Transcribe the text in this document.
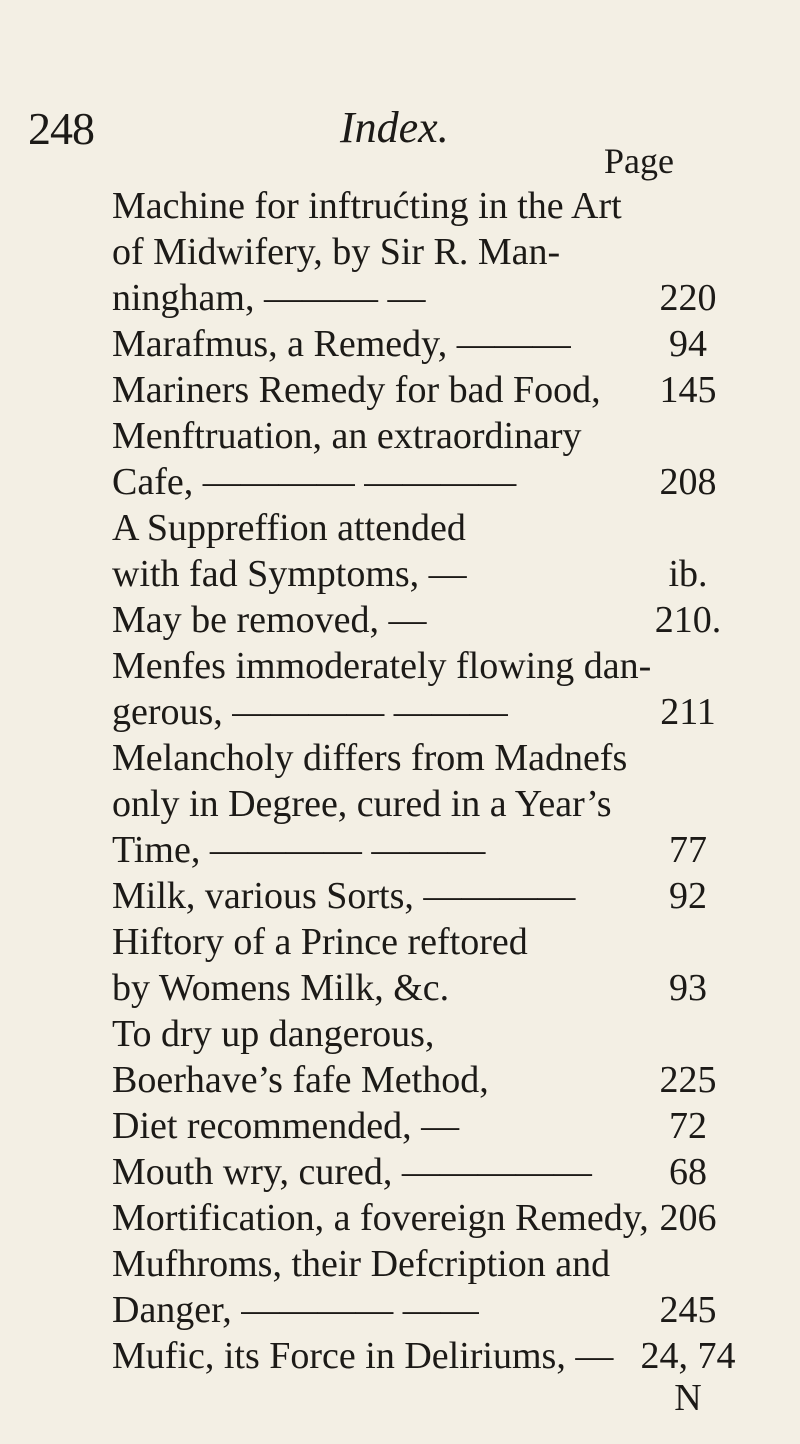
248	Index.
Page
Machine for inftrućting in the Art
of Midwifery, by Sir R. Man-
ningham, ——— —	220
Marafmus, a Remedy, ———	94
Mariners Remedy for bad Food,	145
Menftruation, an extraordinary
Cafe, ———— ————	208
A Suppreffion attended
with fad Symptoms, —	ib.
May be removed, —	210.
Menfes immoderately flowing dan-
gerous, ———— ———	211
Melancholy differs from Madnefs
only in Degree, cured in a Year’s
Time, ———— ———	77
Milk, various Sorts, ————	92
Hiftory of a Prince reftored
by Womens Milk, &c.	93
To dry up dangerous,
Boerhave’s fafe Method,	225
Diet recommended, —	72
Mouth wry, cured, —————	68
Mortification, a fovereign Remedy, 206
Mufhroms, their Defcription and
Danger, ———— ——	245
Mufic, its Force in Deliriums, — 24, 74
N
